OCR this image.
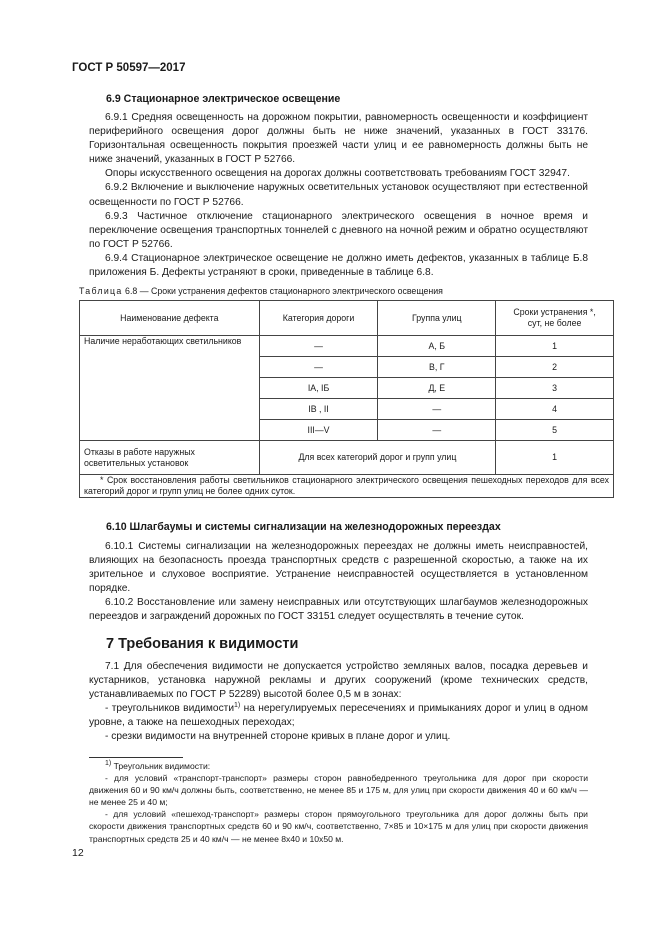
ГОСТ Р 50597—2017
6.9 Стационарное электрическое освещение

6.9.1 Средняя освещенность на дорожном покрытии, равномерность освещенности и коэффициент периферийного освещения дорог должны быть не ниже значений, указанных в ГОСТ 33176. Горизонтальная освещенность покрытия проезжей части улиц и ее равномерность должны быть не ниже значений, указанных в ГОСТ Р 52766.

Опоры искусственного освещения на дорогах должны соответствовать требованиям ГОСТ 32947.

6.9.2 Включение и выключение наружных осветительных установок осуществляют при естественной освещенности по ГОСТ Р 52766.

6.9.3 Частичное отключение стационарного электрического освещения в ночное время и переключение освещения транспортных тоннелей с дневного на ночной режим и обратно осуществляют по ГОСТ Р 52766.

6.9.4 Стационарное электрическое освещение не должно иметь дефектов, указанных в таблице Б.8 приложения Б. Дефекты устраняют в сроки, приведенные в таблице 6.8.

Таблица 6.8 — Сроки устранения дефектов стационарного электрического освещения
Наименование дефекта	Категория дороги	Группа улиц	Сроки устранения *,
сут, не более
Наличие неработающих светильников	—	А, Б	1
	—	В, Г	2
	IA, IБ	Д, Е	3
	IB , II	—	4
	III—V	—	5
Отказы в работе наружных осветительных установок	Для всех категорий дорог и групп улиц		1

* Срок восстановления работы светильников стационарного электрического освещения пешеходных переходов для всех категорий дорог и групп улиц не более одних суток.			

6.10 Шлагбаумы и системы сигнализации на железнодорожных переездах

6.10.1 Системы сигнализации на железнодорожных переездах не должны иметь неисправностей, влияющих на безопасность проезда транспортных средств с разрешенной скоростью, а также на их зрительное и слуховое восприятие. Устранение неисправностей осуществляется в установленном порядке.

6.10.2 Восстановление или замену неисправных или отсутствующих шлагбаумов железнодорожных переездов и заграждений дорожных по ГОСТ 33151 следует осуществлять в течение суток.

7 Требования к видимости

7.1 Для обеспечения видимости не допускается устройство земляных валов, посадка деревьев и кустарников, установка наружной рекламы и других сооружений (кроме технических средств, устанавливаемых по ГОСТ Р 52289) высотой более 0,5 м в зонах:

- треугольников видимости$^{1)}$ на нерегулируемых пересечениях и примыканиях дорог и улиц в одном уровне, а также на пешеходных переходах;

- срезки видимости на внутренней стороне кривых в плане дорог и улиц.

$^{1)}$ Треугольник видимости:

- для условий «транспорт-транспорт» размеры сторон равнобедренного треугольника для дорог при скорости движения 60 и 90 км/ч должны быть, соответственно, не менее 85 и 175 м, для улиц при скорости движения 40 и 60 км/ч — не менее 25 и 40 м;

- для условий «пешеход-транспорт» размеры сторон прямоугольного треугольника для дорог должны быть при скорости движения транспортных средств 60 и 90 км/ч, соответственно, 7×85 и 10×175 м для улиц при скорости движения транспортных средств 25 и 40 км/ч — не менее 8х40 и 10х50 м.

12
